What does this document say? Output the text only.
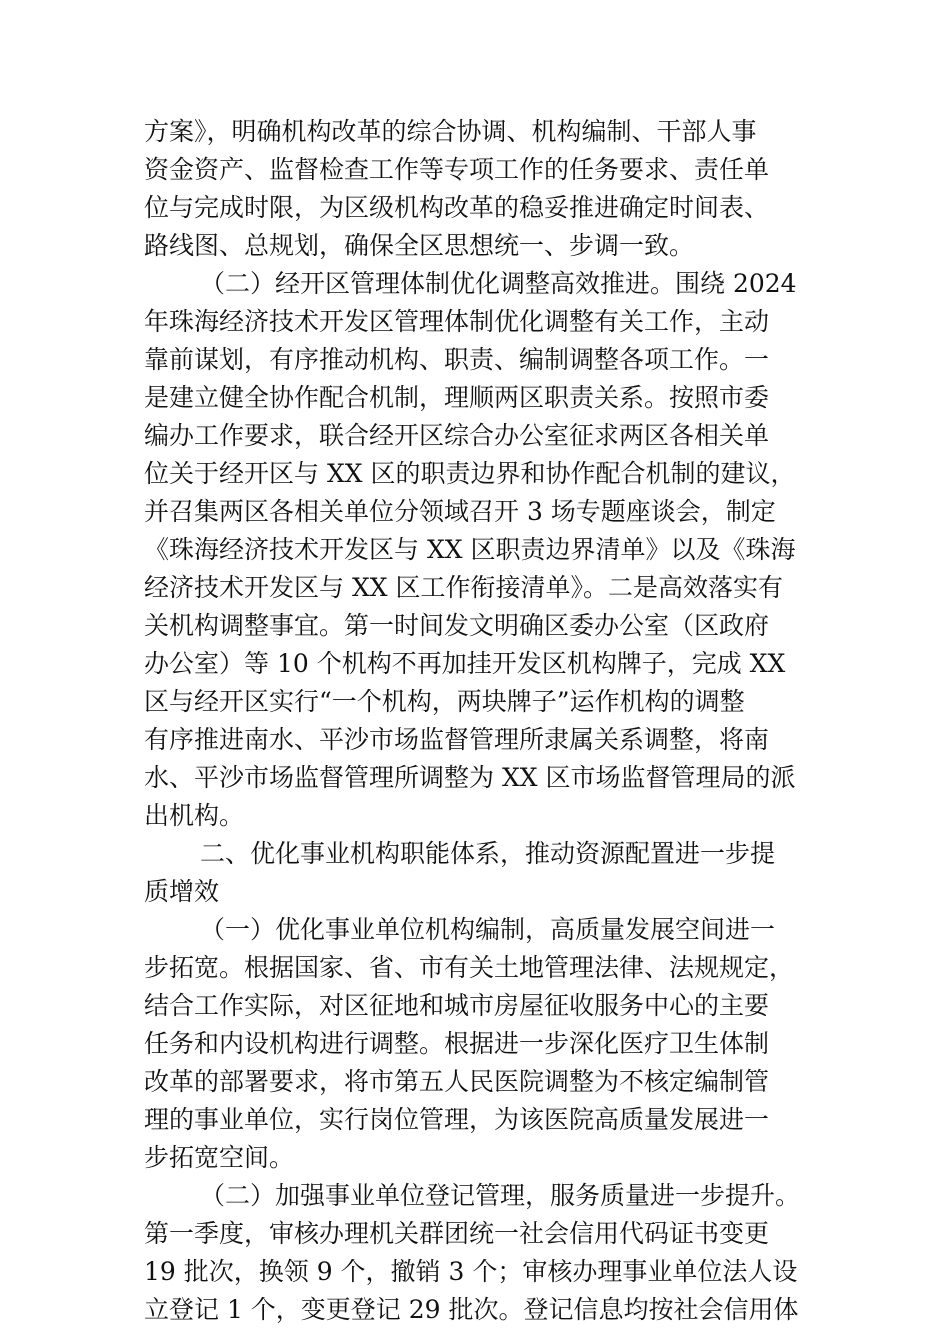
方案》，明确机构改革的综合协调、机构编制、干部人事
资金资产、监督检查工作等专项工作的任务要求、责任单
位与完成时限，为区级机构改革的稳妥推进确定时间表、
路线图、总规划，确保全区思想统一、步调一致。
（二）经开区管理体制优化调整高效推进。围绕 2024
年珠海经济技术开发区管理体制优化调整有关工作，主动
靠前谋划，有序推动机构、职责、编制调整各项工作。一
是建立健全协作配合机制，理顺两区职责关系。按照市委
编办工作要求，联合经开区综合办公室征求两区各相关单
位关于经开区与 XX 区的职责边界和协作配合机制的建议，
并召集两区各相关单位分领域召开 3 场专题座谈会，制定
《珠海经济技术开发区与 XX 区职责边界清单》以及《珠海
经济技术开发区与 XX 区工作衔接清单》。二是高效落实有
关机构调整事宜。第一时间发文明确区委办公室（区政府
办公室）等 10 个机构不再加挂开发区机构牌子，完成 XX
区与经开区实行“一个机构，两块牌子”运作机构的调整
有序推进南水、平沙市场监督管理所隶属关系调整，将南
水、平沙市场监督管理所调整为 XX 区市场监督管理局的派
出机构。
二、优化事业机构职能体系，推动资源配置进一步提
质增效
（一）优化事业单位机构编制，高质量发展空间进一
步拓宽。根据国家、省、市有关土地管理法律、法规规定，
结合工作实际，对区征地和城市房屋征收服务中心的主要
任务和内设机构进行调整。根据进一步深化医疗卫生体制
改革的部署要求，将市第五人民医院调整为不核定编制管
理的事业单位，实行岗位管理，为该医院高质量发展进一
步拓宽空间。
（二）加强事业单位登记管理，服务质量进一步提升。
第一季度，审核办理机关群团统一社会信用代码证书变更
19 批次，换领 9 个，撤销 3 个；审核办理事业单位法人设
立登记 1 个，变更登记 29 批次。登记信息均按社会信用体
